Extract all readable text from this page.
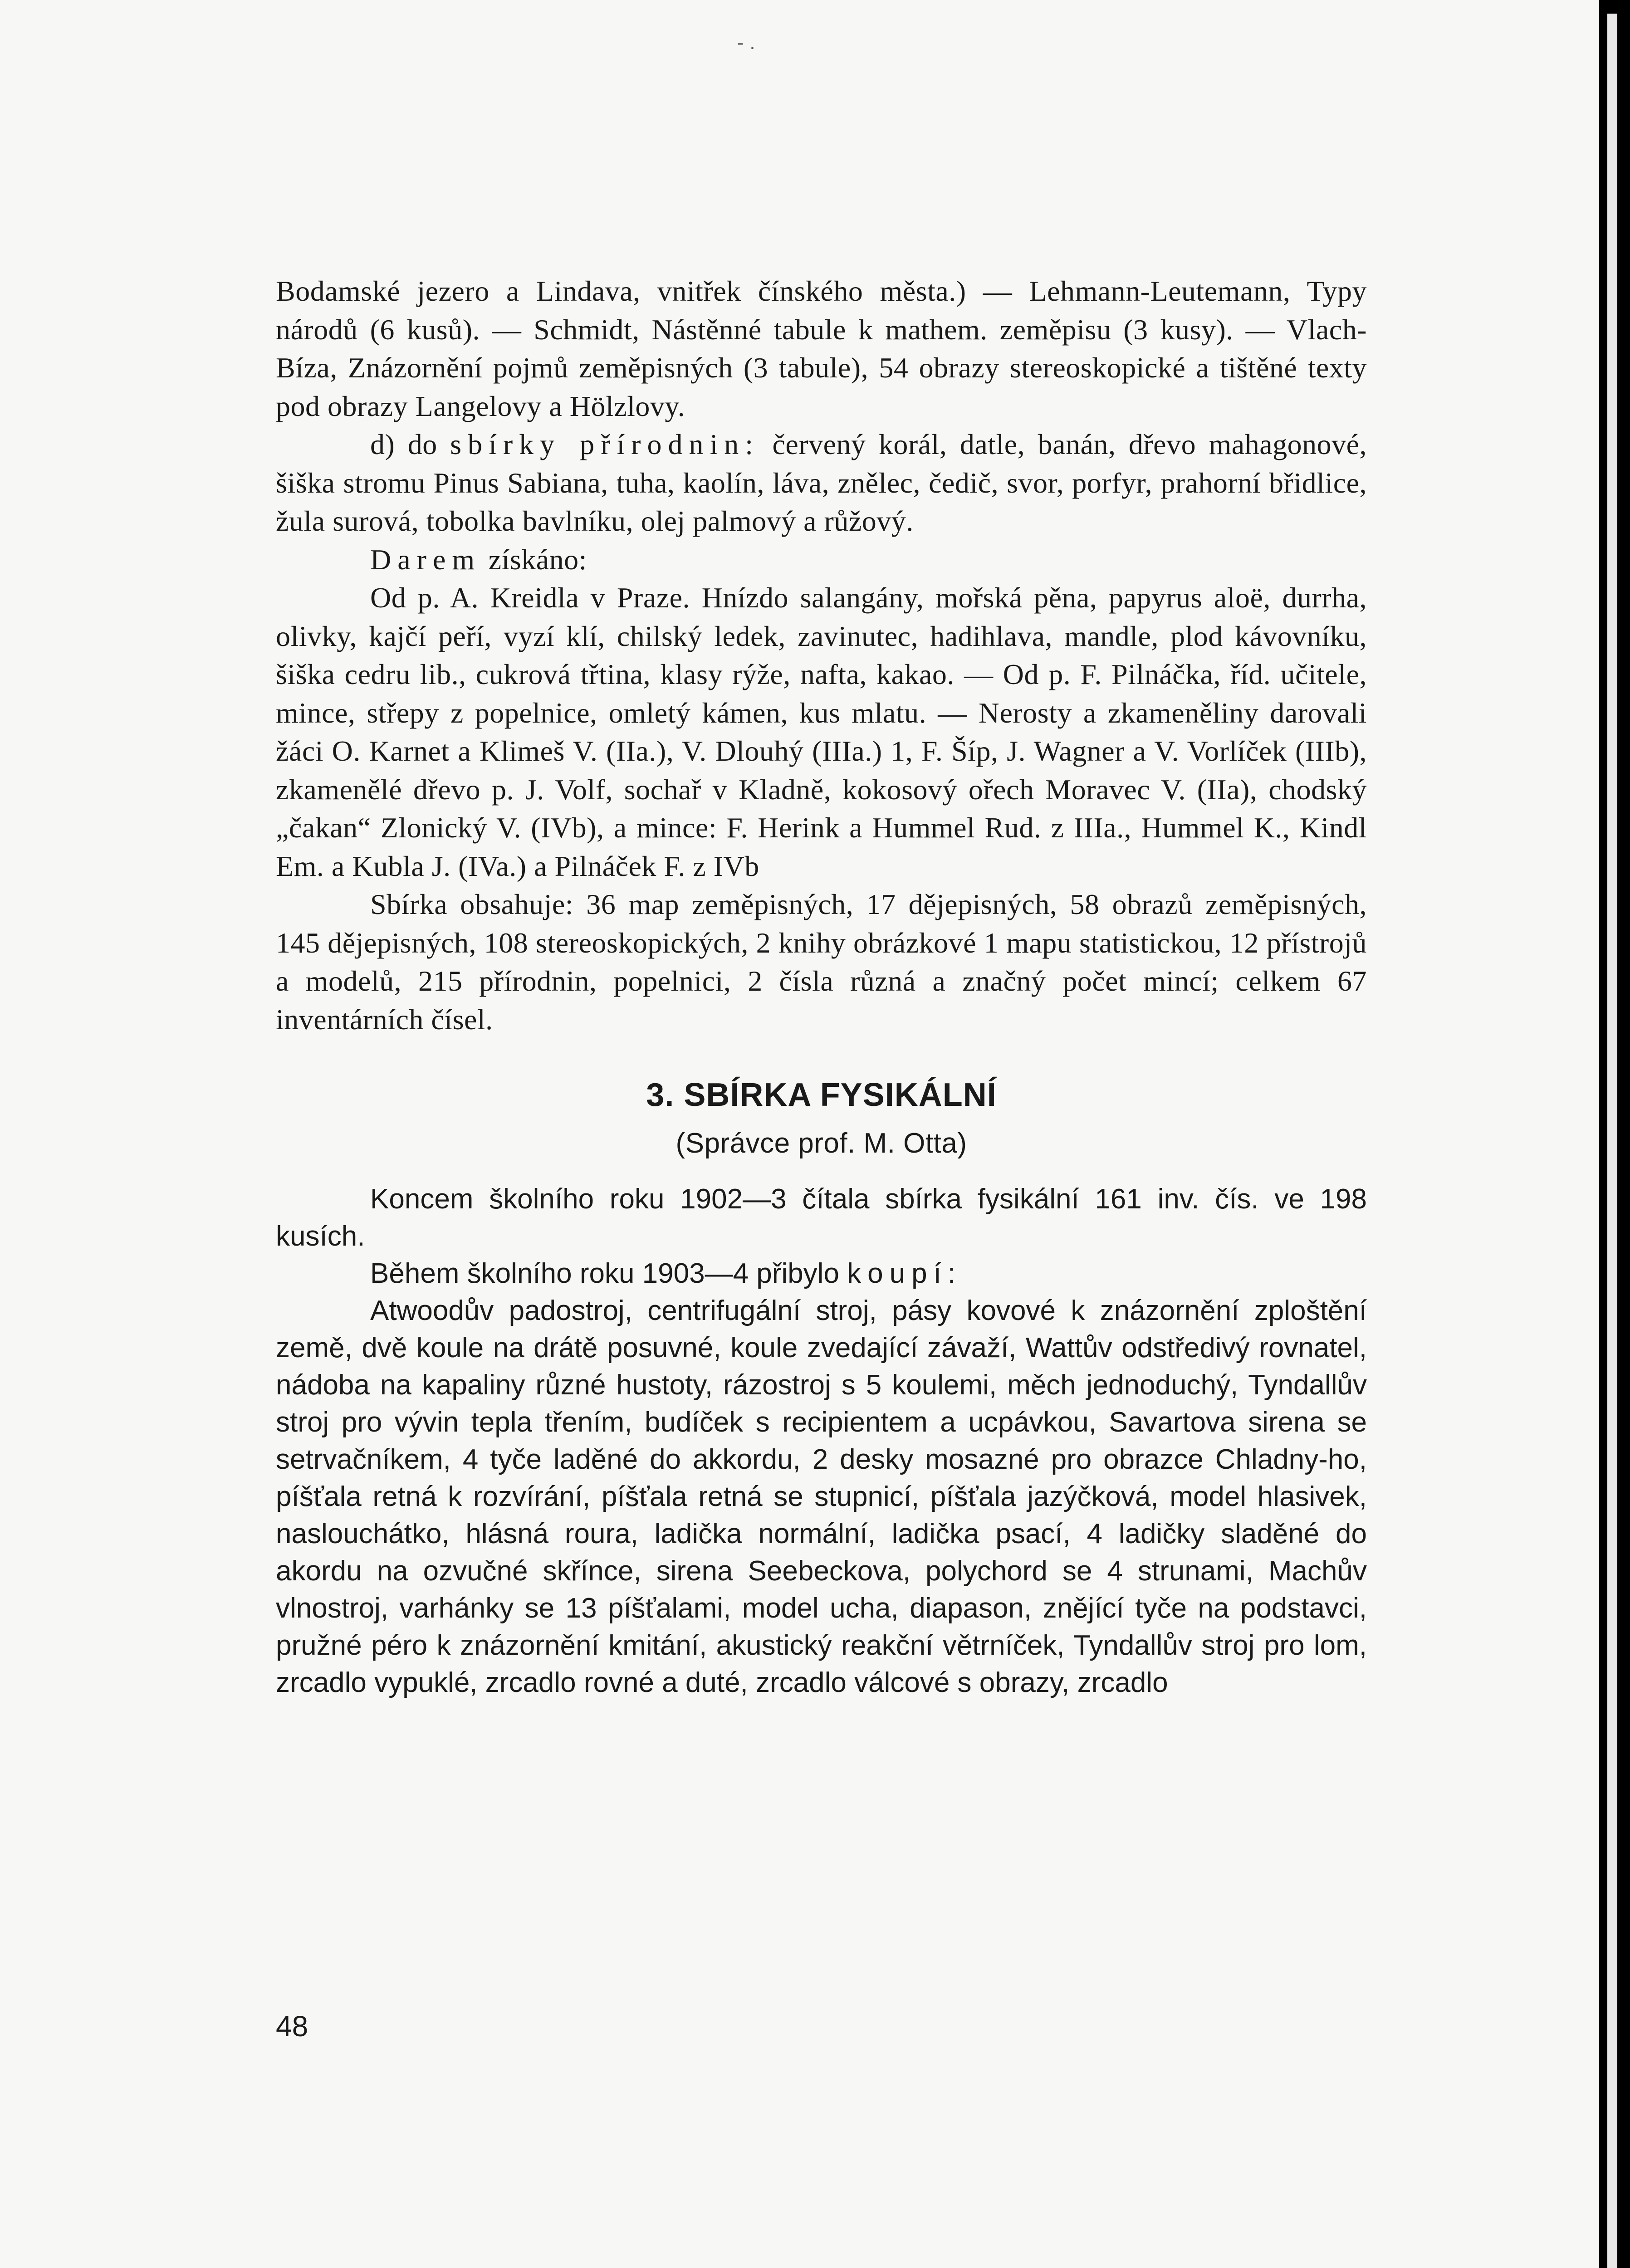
- .

Bodamské jezero a Lindava, vnitřek čínského města.) — Lehmann-Leutemann, Typy národů (6 kusů). — Schmidt, Nástěnné tabule k mathem. zeměpisu (3 kusy). — Vlach-Bíza, Znázornění pojmů zeměpisných (3 tabule), 54 obrazy stereoskopické a tištěné texty pod obrazy Langelovy a Hölzlovy.

d) do sbírky přírodnin: červený korál, datle, banán, dřevo mahagonové, šiška stromu Pinus Sabiana, tuha, kaolín, láva, znělec, čedič, svor, porfyr, prahorní břidlice, žula surová, tobolka bavlníku, olej palmový a růžový.

Darem získáno:

Od p. A. Kreidla v Praze. Hnízdo salangány, mořská pěna, papyrus aloë, durrha, olivky, kajčí peří, vyzí klí, chilský ledek, zavinutec, hadihlava, mandle, plod kávovníku, šiška cedru lib., cukrová třtina, klasy rýže, nafta, kakao. — Od p. F. Pilnáčka, říd. učitele, mince, střepy z popelnice, omletý kámen, kus mlatu. — Nerosty a zkameněliny darovali žáci O. Karnet a Klimeš V. (IIa.), V. Dlouhý (IIIa.) 1, F. Šíp, J. Wagner a V. Vorlíček (IIIb), zkamenělé dřevo p. J. Volf, sochař v Kladně, kokosový ořech Moravec V. (IIa), chodský „čakan“ Zlonický V. (IVb), a mince: F. Herink a Hummel Rud. z IIIa., Hummel K., Kindl Em. a Kubla J. (IVa.) a Pilnáček F. z IVb

Sbírka obsahuje: 36 map zeměpisných, 17 dějepisných, 58 obrazů zeměpisných, 145 dějepisných, 108 stereoskopických, 2 knihy obrázkové 1 mapu statistickou, 12 přístrojů a modelů, 215 přírodnin, popelnici, 2 čísla různá a značný počet mincí; celkem 67 inventárních čísel.

3. SBÍRKA FYSIKÁLNÍ
(Správce prof. M. Otta)

Koncem školního roku 1902—3 čítala sbírka fysikální 161 inv. čís. ve 198 kusích.

Během školního roku 1903—4 přibylo koupí:

Atwoodův padostroj, centrifugální stroj, pásy kovové k znázornění zploštění země, dvě koule na drátě posuvné, koule zvedající závaží, Wattův odstředivý rovnatel, nádoba na kapaliny různé hustoty, rázostroj s 5 koulemi, měch jednoduchý, Tyndallův stroj pro vývin tepla třením, budíček s recipientem a ucpávkou, Savartova sirena se setrvačníkem, 4 tyče laděné do akkordu, 2 desky mosazné pro obrazce Chladny-ho, píšťala retná k rozvírání, píšťala retná se stupnicí, píšťala jazýčková, model hlasivek, naslouchátko, hlásná roura, ladička normální, ladička psací, 4 ladičky sladěné do akordu na ozvučné skřínce, sirena Seebeckova, polychord se 4 strunami, Machův vlnostroj, varhánky se 13 píšťalami, model ucha, diapason, znějící tyče na podstavci, pružné péro k znázornění kmitání, akustický reakční větrníček, Tyndallův stroj pro lom, zrcadlo vypuklé, zrcadlo rovné a duté, zrcadlo válcové s obrazy, zrcadlo

48
